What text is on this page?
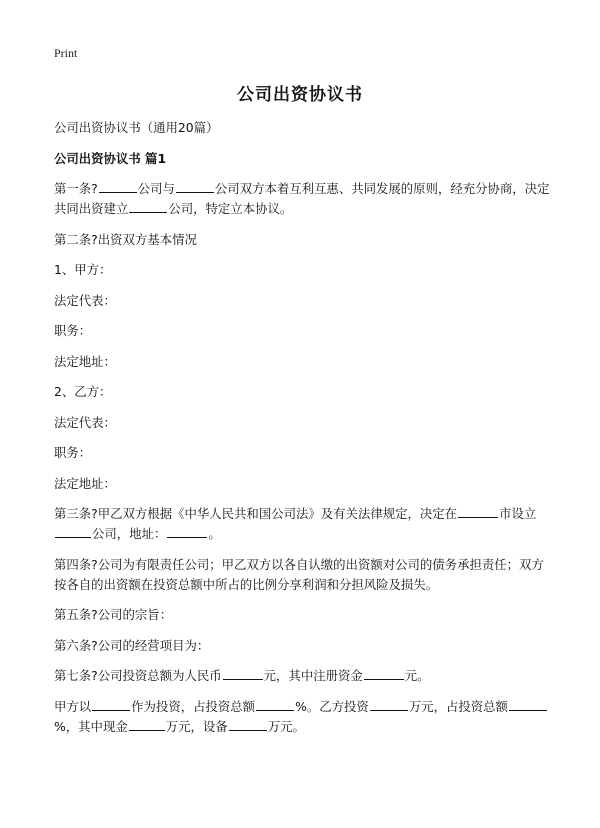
Print
公司出资协议书

公司出资协议书（通用20篇）

公司出资协议书 篇1

第一条?	公司与	公司双方本着互利互惠、共同发展的原则，经充分协商，决定共同出资建立	公司，特定立本协议。

第二条?出资双方基本情况

1、甲方：

法定代表：

职务：

法定地址：

2、乙方：

法定代表：

职务：

法定地址：

第三条?甲乙双方根据《中华人民共和国公司法》及有关法律规定，决定在	市设立公司，地址：	。

第四条?公司为有限责任公司；甲乙双方以各自认缴的出资额对公司的债务承担责任；双方按各自的出资额在投资总额中所占的比例分享利润和分担风险及损失。

第五条?公司的宗旨：

第六条?公司的经营项目为：

第七条?公司投资总额为人民币	元，其中注册资金	元。

甲方以	作为投资，占投资总额	%。乙方投资	万元，占投资总额%，其中现金	万元，设备	万元。
